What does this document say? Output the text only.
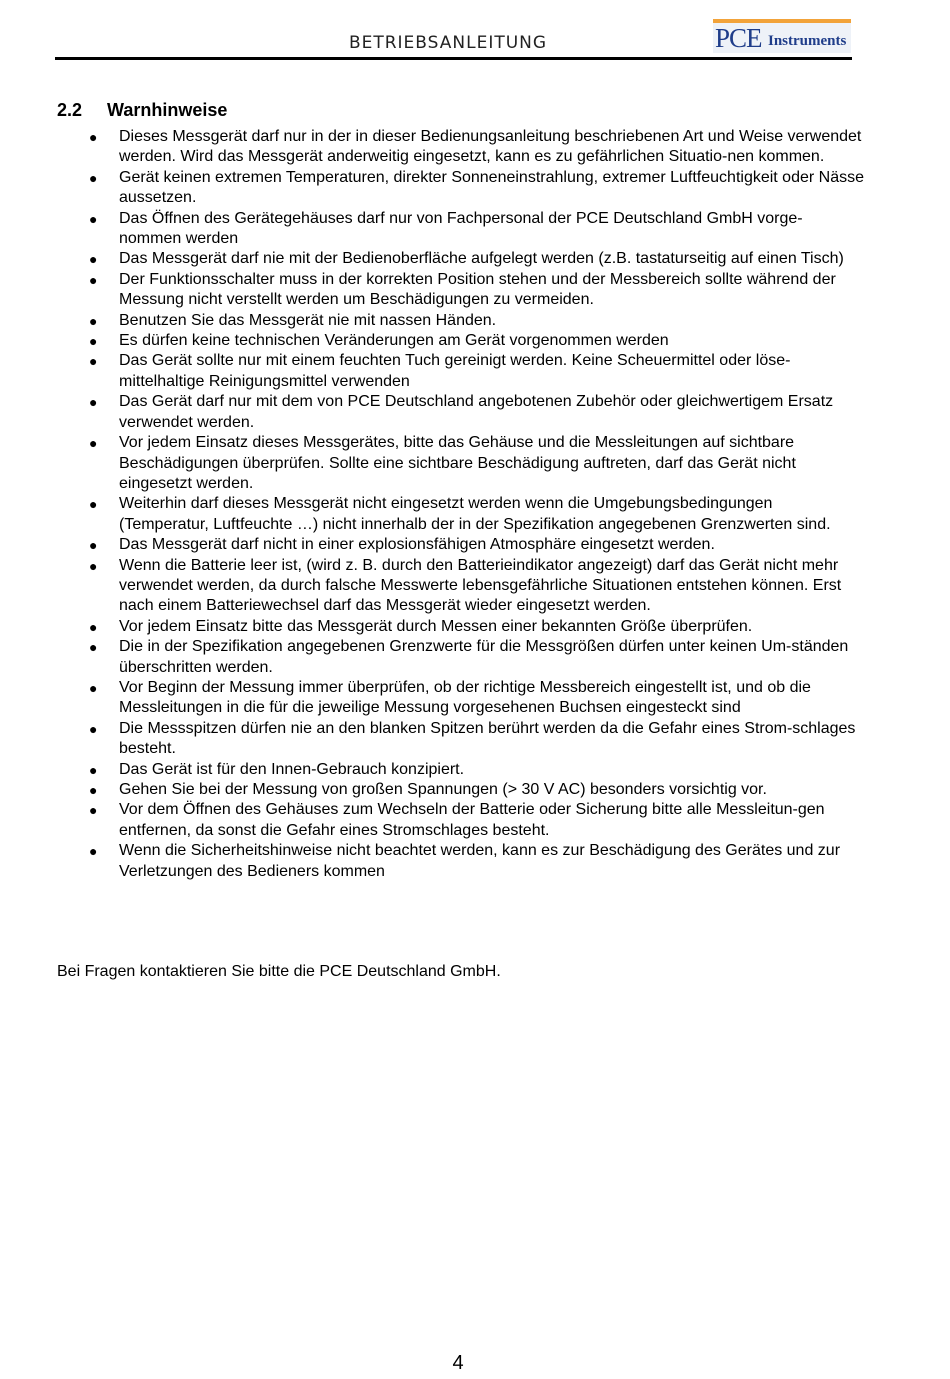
BETRIEBSANLEITUNG	PCE Instruments
2.2 Warnhinweise
● Dieses Messgerät darf nur in der in dieser Bedienungsanleitung beschriebenen Art und Weise verwendet werden. Wird das Messgerät anderweitig eingesetzt, kann es zu gefährlichen Situatio-nen kommen.
● Gerät keinen extremen Temperaturen, direkter Sonneneinstrahlung, extremer Luftfeuchtigkeit oder Nässe aussetzen.
● Das Öffnen des Gerätegehäuses darf nur von Fachpersonal der PCE Deutschland GmbH vorge-nommen werden
● Das Messgerät darf nie mit der Bedienoberfläche aufgelegt werden (z.B. tastaturseitig auf einen Tisch)
● Der Funktionsschalter muss in der korrekten Position stehen und der Messbereich sollte während der Messung nicht verstellt werden um Beschädigungen zu vermeiden.
● Benutzen Sie das Messgerät nie mit nassen Händen.
● Es dürfen keine technischen Veränderungen am Gerät vorgenommen werden
● Das Gerät sollte nur mit einem feuchten Tuch gereinigt werden. Keine Scheuermittel oder löse-mittelhaltige Reinigungsmittel verwenden
● Das Gerät darf nur mit dem von PCE Deutschland angebotenen Zubehör oder gleichwertigem Ersatz verwendet werden.
● Vor jedem Einsatz dieses Messgerätes, bitte das Gehäuse und die Messleitungen auf sichtbare Beschädigungen überprüfen. Sollte eine sichtbare Beschädigung auftreten, darf das Gerät nicht eingesetzt werden.
● Weiterhin darf dieses Messgerät nicht eingesetzt werden wenn die Umgebungsbedingungen (Temperatur, Luftfeuchte …) nicht innerhalb der in der Spezifikation angegebenen Grenzwerten sind.
● Das Messgerät darf nicht in einer explosionsfähigen Atmosphäre eingesetzt werden.
● Wenn die Batterie leer ist, (wird z. B. durch den Batterieindikator angezeigt) darf das Gerät nicht mehr verwendet werden, da durch falsche Messwerte lebensgefährliche Situationen entstehen können. Erst nach einem Batteriewechsel darf das Messgerät wieder eingesetzt werden.
● Vor jedem Einsatz bitte das Messgerät durch Messen einer bekannten Größe überprüfen.
● Die in der Spezifikation angegebenen Grenzwerte für die Messgrößen dürfen unter keinen Um-ständen überschritten werden.
● Vor Beginn der Messung immer überprüfen, ob der richtige Messbereich eingestellt ist, und ob die Messleitungen in die für die jeweilige Messung vorgesehenen Buchsen eingesteckt sind
● Die Messspitzen dürfen nie an den blanken Spitzen berührt werden da die Gefahr eines Strom-schlages besteht.
● Das Gerät ist für den Innen-Gebrauch konzipiert.
● Gehen Sie bei der Messung von großen Spannungen (> 30 V AC) besonders vorsichtig vor.
● Vor dem Öffnen des Gehäuses zum Wechseln der Batterie oder Sicherung bitte alle Messleitun-gen entfernen, da sonst die Gefahr eines Stromschlages besteht.
● Wenn die Sicherheitshinweise nicht beachtet werden, kann es zur Beschädigung des Gerätes und zur Verletzungen des Bedieners kommen

Bei Fragen kontaktieren Sie bitte die PCE Deutschland GmbH.

4
